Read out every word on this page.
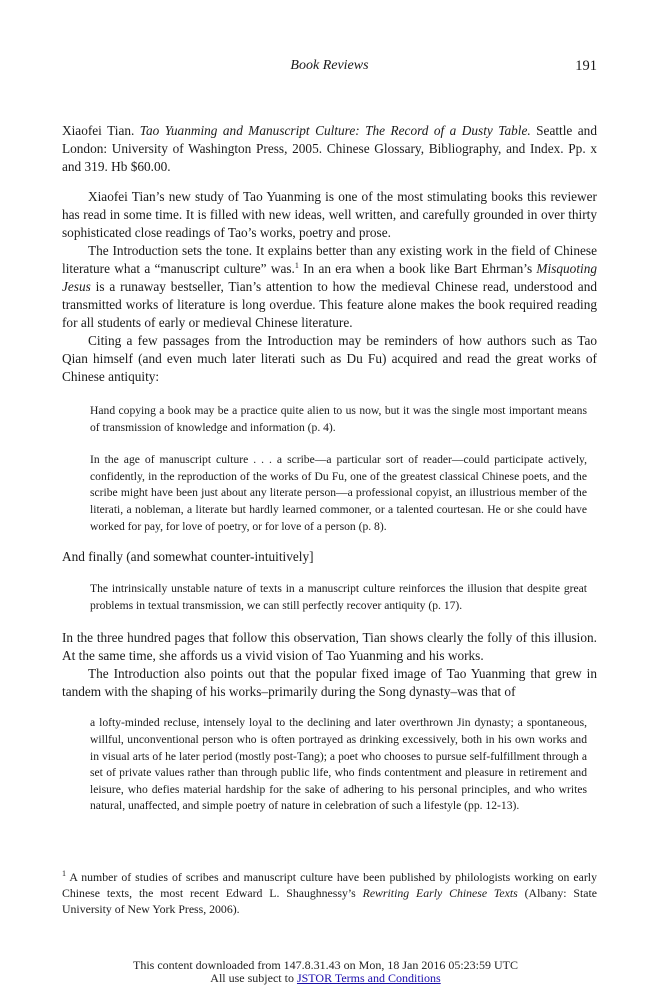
Book Reviews	191
Xiaofei Tian. Tao Yuanming and Manuscript Culture: The Record of a Dusty Table. Seattle and London: University of Washington Press, 2005. Chinese Glossary, Bibliography, and Index. Pp. x and 319. Hb $60.00.

Xiaofei Tian’s new study of Tao Yuanming is one of the most stimulating books this reviewer has read in some time. It is filled with new ideas, well written, and carefully grounded in over thirty sophisticated close readings of Tao’s works, poetry and prose.

The Introduction sets the tone. It explains better than any existing work in the field of Chinese literature what a “manuscript culture” was.$^1$ In an era when a book like Bart Ehrman’s Misquoting Jesus is a runaway bestseller, Tian’s attention to how the medieval Chinese read, understood and transmitted works of literature is long overdue. This feature alone makes the book required reading for all students of early or medieval Chinese literature.

Citing a few passages from the Introduction may be reminders of how authors such as Tao Qian himself (and even much later literati such as Du Fu) acquired and read the great works of Chinese antiquity:

Hand copying a book may be a practice quite alien to us now, but it was the single most important means of transmission of knowledge and information (p. 4).

In the age of manuscript culture . . . a scribe—a particular sort of reader—could participate actively, confidently, in the reproduction of the works of Du Fu, one of the greatest classical Chinese poets, and the scribe might have been just about any literate person—a professional copyist, an illustrious member of the literati, a nobleman, a literate but hardly learned commoner, or a talented courtesan. He or she could have worked for pay, for love of poetry, or for love of a person (p. 8).

And finally (and somewhat counter-intuitively]

The intrinsically unstable nature of texts in a manuscript culture reinforces the illusion that despite great problems in textual transmission, we can still perfectly recover antiquity (p. 17).

In the three hundred pages that follow this observation, Tian shows clearly the folly of this illusion. At the same time, she affords us a vivid vision of Tao Yuanming and his works.

The Introduction also points out that the popular fixed image of Tao Yuanming that grew in tandem with the shaping of his works–primarily during the Song dynasty–was that of

a lofty-minded recluse, intensely loyal to the declining and later overthrown Jin dynasty; a spontaneous, willful, unconventional person who is often portrayed as drinking excessively, both in his own works and in visual arts of he later period (mostly post-Tang); a poet who chooses to pursue self-fulfillment through a set of private values rather than through public life, who finds contentment and pleasure in retirement and leisure, who defies material hardship for the sake of adhering to his personal principles, and who writes natural, unaffected, and simple poetry of nature in celebration of such a lifestyle (pp. 12-13).

$^1$ A number of studies of scribes and manuscript culture have been published by philologists working on early Chinese texts, the most recent Edward L. Shaughnessy’s Rewriting Early Chinese Texts (Albany: State University of New York Press, 2006).
This content downloaded from 147.8.31.43 on Mon, 18 Jan 2016 05:23:59 UTC
All use subject to JSTOR Terms and Conditions
